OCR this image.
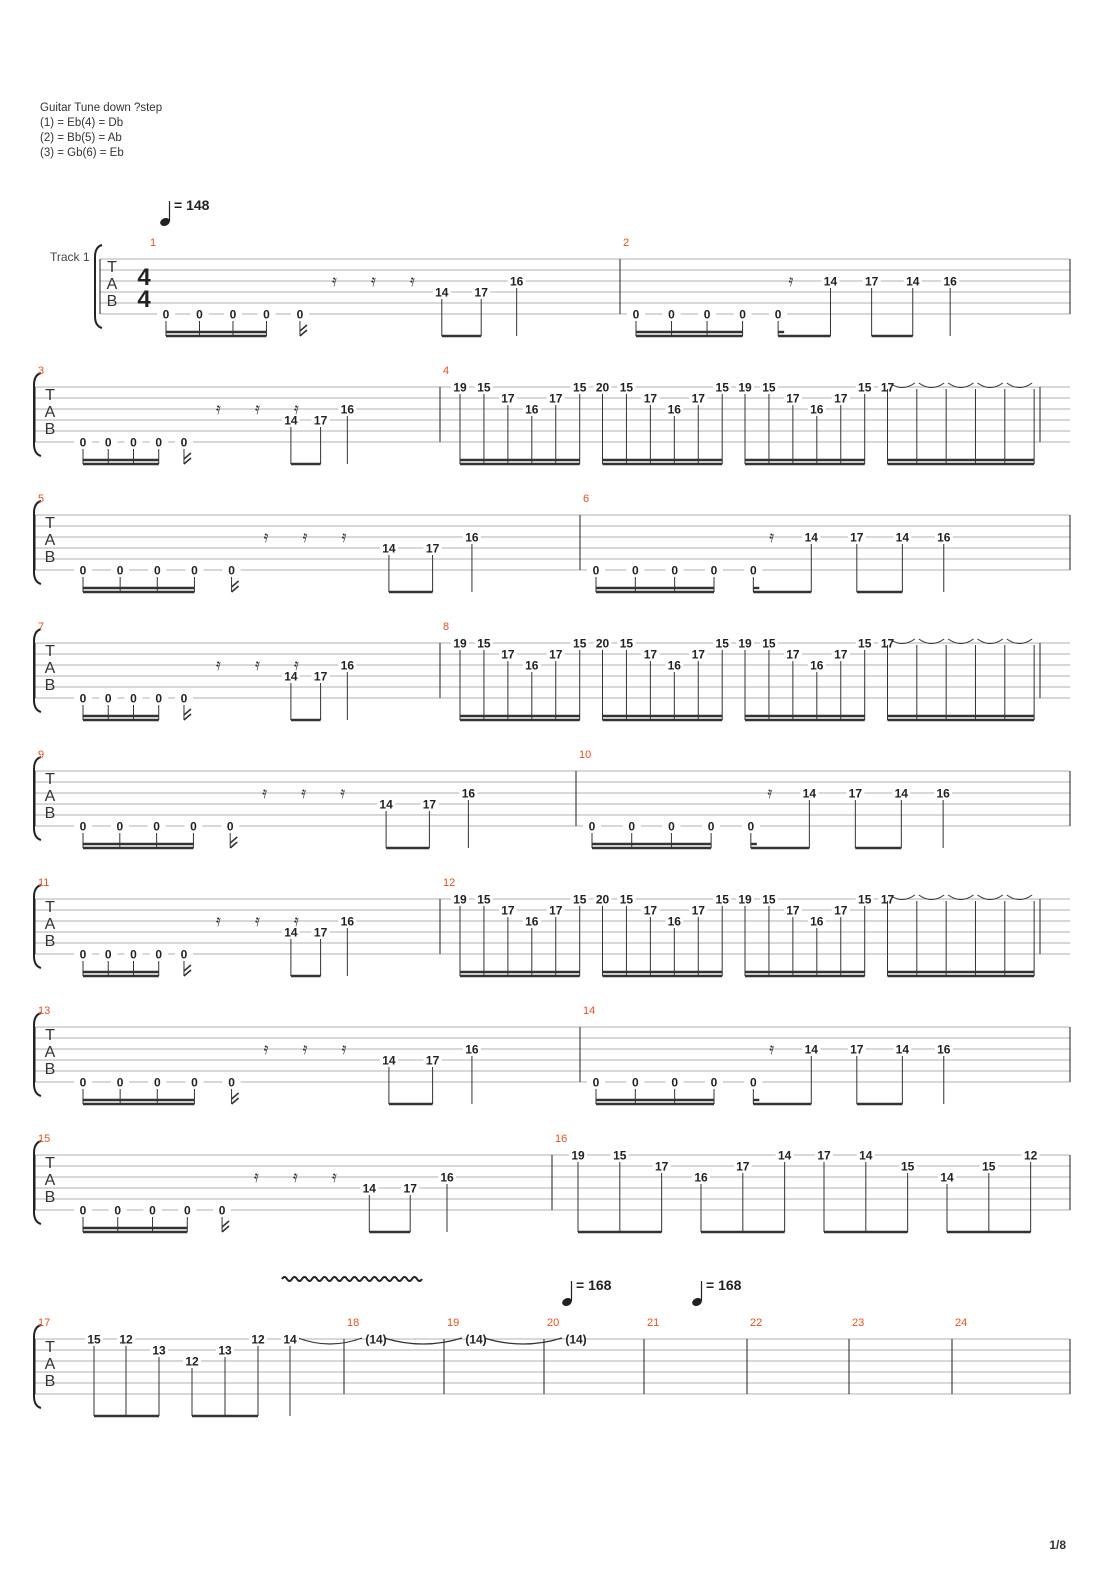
Guitar Tune down ?step
(1) = Eb(4) = Db
(2) = Bb(5) = Ab
(3) = Gb(6) = Eb
T
A
B
Track 1
4
4
1
0 0 0 0 0
14 17
16
𝄿 𝄿 𝄿
2
0 0 0 0 0
14 17 14 16
𝄿
T
A
B
3
0 0 0 0 0
14 17
16
𝄿 𝄿 𝄿
4
19 15
17
16
17
15 20 15
17
16
17
15 19 15
17
16
17
15 17
T
A
B
5
0	0	0	0	0
14	17
16
𝄿 𝄿 𝄿
6
0	0	0	0	0
14	17	14 16
𝄿
T
A
B
7
0 0 0 0 0
14 17
16
𝄿 𝄿 𝄿
8
19 15
17
16
17
15 20 15
17
16
17
15 19 15
17
16
17
15 17
T
A
B
9
0	0	0	0	0
14 17
16
𝄿 𝄿 𝄿
10
0	0	0	0	0
14	17	14 16
𝄿
T
A
B
11
0 0 0 0 0
14 17
16
𝄿 𝄿 𝄿
12
19 15
17
16
17
15 20 15
17
16
17
15 19 15
17
16
17
15 17
T
A
B
13
0	0	0	0	0
14	17
16
𝄿 𝄿 𝄿
14
0	0	0	0	0
14	17	14 16
𝄿
T
A
B
15
0 0 0 0 0
14 17
16
𝄿 𝄿 𝄿
16
19 15
17
16
17
14 17 14
15
14
15
12
T
A
B
17
15 12
13
12
13
12 14
18
(14)
19
(14)
20
(14)
21	22	23	24
= 148
= 168	= 168
1/8
